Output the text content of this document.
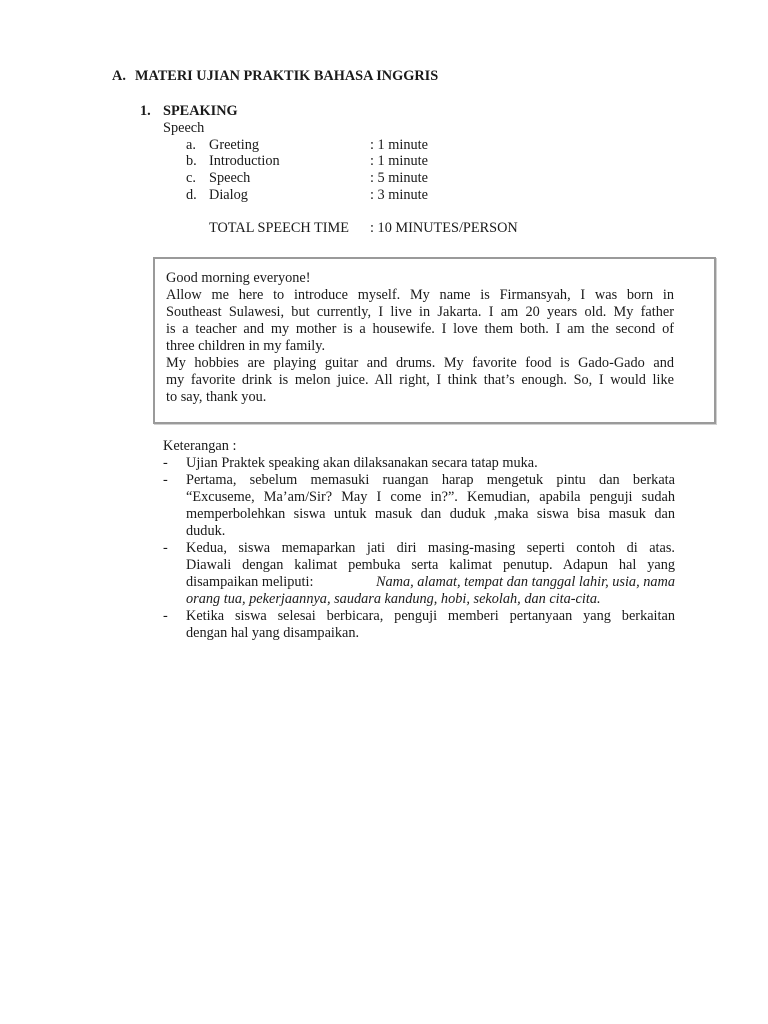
A. MATERI UJIAN PRAKTIK BAHASA INGGRIS
1. SPEAKING
Speech
a. Greeting	: 1 minute
b. Introduction	: 1 minute
c. Speech	: 5 minute
d. Dialog	: 3 minute
TOTAL SPEECH TIME : 10 MINUTES/PERSON
Good morning everyone!
Allow me here to introduce myself. My name is Firmansyah, I was born in
Southeast Sulawesi, but currently, I live in Jakarta. I am 20 years old. My father
is a teacher and my mother is a housewife. I love them both. I am the second of
three children in my family.
My hobbies are playing guitar and drums. My favorite food is Gado-Gado and
my favorite drink is melon juice. All right, I think that’s enough. So, I would like
to say, thank you.
Keterangan :
- Ujian Praktek speaking akan dilaksanakan secara tatap muka.
- Pertama, sebelum memasuki ruangan harap mengetuk pintu dan berkata
“Excuseme, Ma’am/Sir? May I come in?”. Kemudian, apabila penguji sudah
memperbolehkan siswa untuk masuk dan duduk ,maka siswa bisa masuk dan
duduk.
- Kedua, siswa memaparkan jati diri masing-masing seperti contoh di atas.
Diawali dengan kalimat pembuka serta kalimat penutup. Adapun hal yang
disampaikan meliputi:	Nama, alamat, tempat dan tanggal lahir, usia, nama
orang tua, pekerjaannya, saudara kandung, hobi, sekolah, dan cita-cita.
- Ketika siswa selesai berbicara, penguji memberi pertanyaan yang berkaitan
dengan hal yang disampaikan.
